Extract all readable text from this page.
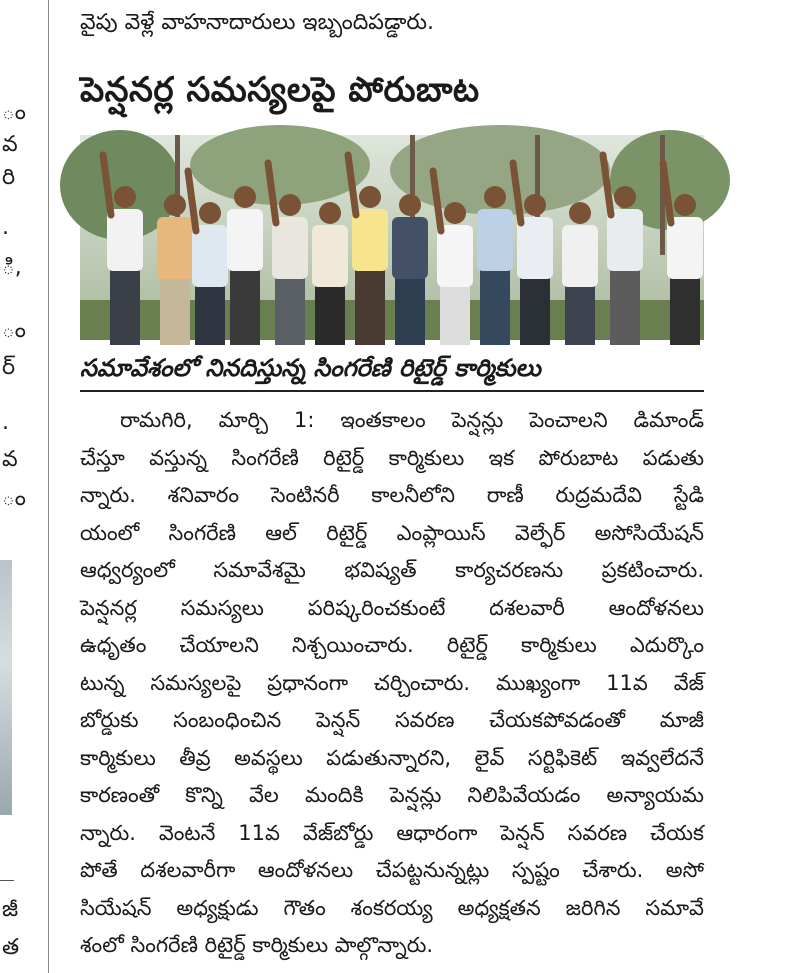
ం
వ
రి
.
ి,
ం
ర్
.
వ
ం
జీ
త
వైపు వెళ్లే వాహనాదారులు ఇబ్బందిపడ్డారు.
పెన్షనర్ల సమస్యలపై పోరుబాట
సమావేశంలో నినదిస్తున్న సింగరేణి రిటైర్డ్ కార్మికులు
రామగిరి, మార్చి 1: ఇంతకాలం పెన్షన్లు పెంచాలని డిమాండ్
చేస్తూ వస్తున్న సింగరేణి రిటైర్డ్ కార్మికులు ఇక పోరుబాట పడుతు
న్నారు. శనివారం సెంటినరీ కాలనీలోని రాణీ రుద్రమదేవి స్టేడి
యంలో సింగరేణి ఆల్ రిటైర్డ్ ఎంప్లాయిస్ వెల్ఫేర్ అసోసియేషన్
ఆధ్వర్యంలో సమావేశమై భవిష్యత్ కార్యచరణను ప్రకటించారు.
పెన్షనర్ల సమస్యలు పరిష్కరించకుంటే దశలవారీ ఆందోళనలు
ఉధృతం చేయాలని నిశ్చయించారు. రిటైర్డ్ కార్మికులు ఎదుర్కొం
టున్న సమస్యలపై ప్రధానంగా చర్చించారు. ముఖ్యంగా 11వ వేజ్
బోర్డుకు సంబంధించిన పెన్షన్ సవరణ చేయకపోవడంతో మాజీ
కార్మికులు తీవ్ర అవస్థలు పడుతున్నారని, లైవ్ సర్టిఫికెట్ ఇవ్వలేదనే
కారణంతో కొన్ని వేల మందికి పెన్షన్లు నిలిపివేయడం అన్యాయమ
న్నారు. వెంటనే 11వ వేజ్‌బోర్డు ఆధారంగా పెన్షన్ సవరణ చేయక
పోతే దశలవారీగా ఆందోళనలు చేపట్టనున్నట్లు స్పష్టం చేశారు. అసో
సియేషన్ అధ్యక్షుడు గౌతం శంకరయ్య అధ్యక్షతన జరిగిన సమావే
శంలో సింగరేణి రిటైర్డ్ కార్మికులు పాల్గొన్నారు.
